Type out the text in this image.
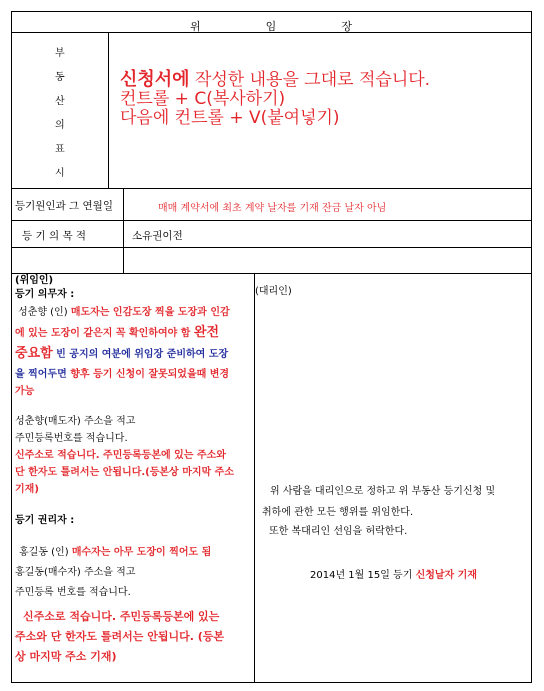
위	임	장
부
동
산
의
표
시
신청서에 작성한 내용을 그대로 적습니다.
컨트롤 + C(복사하기)
다음에 컨트롤 + V(붙여넣기)
등기원인과 그 연월일	매매 계약서에 최초 계약 날자를 기재 잔금 날자 아님
등 기 의 목 적	소유권이전
(위임인)
등기 의무자 :
성춘향 (인) 매도자는 인감도장 찍을 도장과 인감
에 있는 도장이 같은지 꼭 확인하여야 함 완전
중요함 빈 공지의 여분에 위임장 준비하여 도장
을 찍어두면 향후 등기 신청이 잘못되었을때 변경
가능
성춘향(매도자) 주소을 적고
주민등록번호를 적습니다.
신주소로 적습니다. 주민등록등본에 있는 주소와
단 한자도 틀려서는 안됩니다.(등본상 마지막 주소
기재)
등기 권리자 :
홍길동 (인) 매수자는 아무 도장이 찍어도 됨
홍길동(매수자) 주소을 적고
주민등록 번호를 적습니다.
신주소로 적습니다. 주민등록등본에 있는
주소와 단 한자도 틀려서는 안됩니다. (등본
상 마지막 주소 기재)
(대리인)
위 사람을 대리인으로 정하고 위 부동산 등기신청 및
취하에 관한 모든 행위를 위임한다.
또한 복대리인 선임을 허락한다.
2014년 1월 15일 등기 신청날자 기재
